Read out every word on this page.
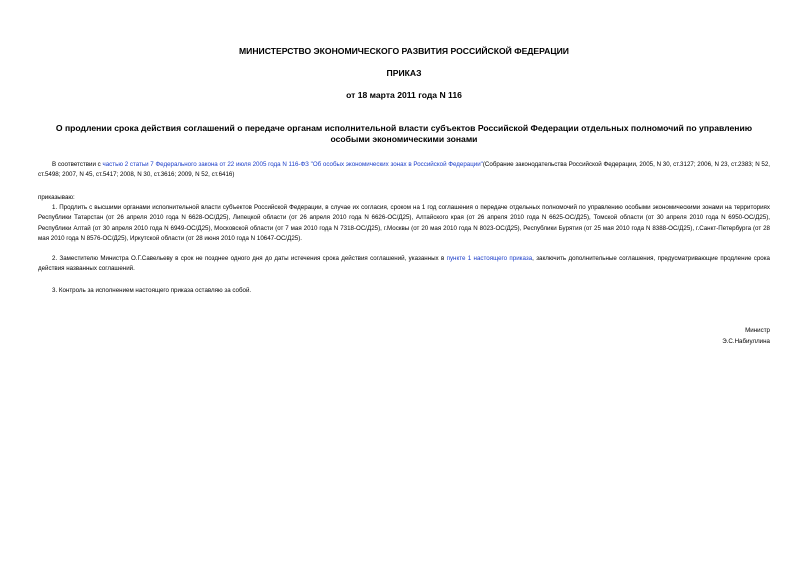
МИНИСТЕРСТВО ЭКОНОМИЧЕСКОГО РАЗВИТИЯ РОССИЙСКОЙ ФЕДЕРАЦИИ
ПРИКАЗ
от 18 марта 2011 года N 116
О продлении срока действия соглашений о передаче органам исполнительной власти субъектов Российской Федерации отдельных полномочий по управлению особыми экономическими зонами
В соответствии с частью 2 статьи 7 Федерального закона от 22 июля 2005 года N 116-ФЗ "Об особых экономических зонах в Российской Федерации"(Собрание законодательства Российской Федерации, 2005, N 30, ст.3127; 2006, N 23, ст.2383; N 52, ст.5498; 2007, N 45, ст.5417; 2008, N 30, ст.3616; 2009, N 52, ст.6416)
приказываю:
1. Продлить с высшими органами исполнительной власти субъектов Российской Федерации, в случае их согласия, сроком на 1 год соглашения о передаче отдельных полномочий по управлению особыми экономическими зонами на территориях Республики Татарстан (от 26 апреля 2010 года N 6628-ОС/Д25), Липецкой области (от 26 апреля 2010 года N 6626-ОС/Д25), Алтайского края (от 26 апреля 2010 года N 6625-ОС/Д25), Томской области (от 30 апреля 2010 года N 6950-ОС/Д25), Республики Алтай (от 30 апреля 2010 года N 6949-ОС/Д25), Московской области (от 7 мая 2010 года N 7318-ОС/Д25), г.Москвы (от 20 мая 2010 года N 8023-ОС/Д25), Республики Бурятия (от 25 мая 2010 года N 8388-ОС/Д25), г.Санкт-Петербурга (от 28 мая 2010 года N 8576-ОС/Д25), Иркутской области (от 28 июня 2010 года N 10647-ОС/Д25).
2. Заместителю Министра О.Г.Савельеву в срок не позднее одного дня до даты истечения срока действия соглашений, указанных в пункте 1 настоящего приказа, заключить дополнительные соглашения, предусматривающие продление срока действия названных соглашений.
3. Контроль за исполнением настоящего приказа оставляю за собой.
Министр
Э.С.Набиуллина
